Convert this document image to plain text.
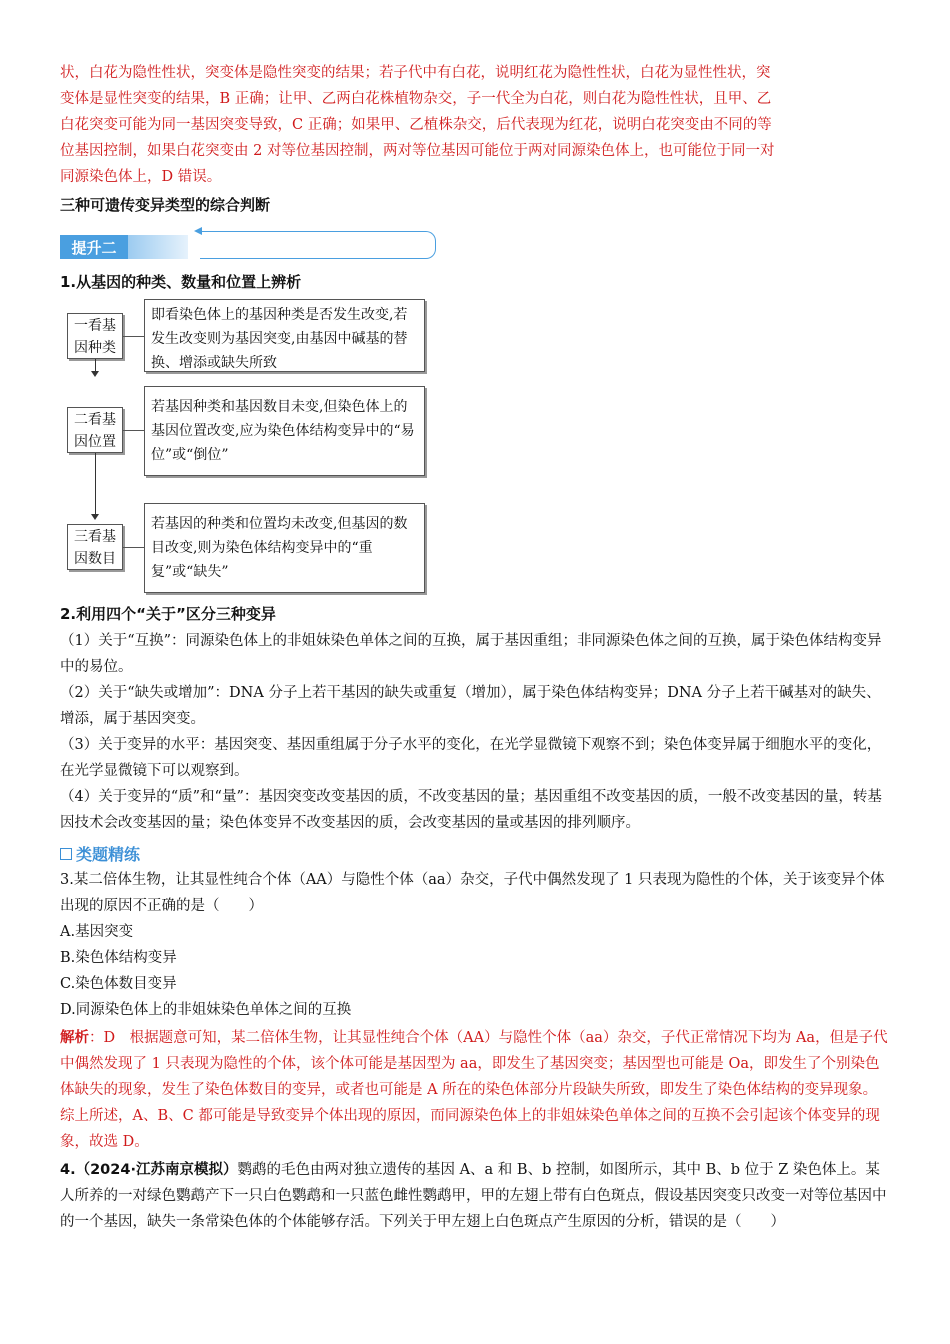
状，白花为隐性性状，突变体是隐性突变的结果；若子代中有白花，说明红花为隐性性状，白花为显性性状，突
变体是显性突变的结果，B 正确；让甲、乙两白花株植物杂交，子一代全为白花，则白花为隐性性状，且甲、乙
白花突变可能为同一基因突变导致，C 正确；如果甲、乙植株杂交，后代表现为红花，说明白花突变由不同的等
位基因控制，如果白花突变由 2 对等位基因控制，两对等位基因可能位于两对同源染色体上，也可能位于同一对
同源染色体上，D 错误。
三种可遗传变异类型的综合判断
提升二
1.从基因的种类、数量和位置上辨析
一看基
因种类
即看染色体上的基因种类是否发生改变,若发生改变则为基因突变,由基因中碱基的替换、增添或缺失所致
二看基
因位置
若基因种类和基因数目未变,但染色体上的基因位置改变,应为染色体结构变异中的“易位”或“倒位”
三看基
因数目
若基因的种类和位置均未改变,但基因的数目改变,则为染色体结构变异中的“重复”或“缺失”
2.利用四个“关于”区分三种变异
（1）关于“互换”：同源染色体上的非姐妹染色单体之间的互换，属于基因重组；非同源染色体之间的互换，属于染色体结构变异中的易位。
（2）关于“缺失或增加”：DNA 分子上若干基因的缺失或重复（增加），属于染色体结构变异；DNA 分子上若干碱基对的缺失、增添，属于基因突变。
（3）关于变异的水平：基因突变、基因重组属于分子水平的变化，在光学显微镜下观察不到；染色体变异属于细胞水平的变化，在光学显微镜下可以观察到。
（4）关于变异的“质”和“量”：基因突变改变基因的质，不改变基因的量；基因重组不改变基因的质，一般不改变基因的量，转基因技术会改变基因的量；染色体变异不改变基因的质，会改变基因的量或基因的排列顺序。
类题精练
3.某二倍体生物，让其显性纯合个体（AA）与隐性个体（aa）杂交，子代中偶然发现了 1 只表现为隐性的个体，关于该变异个体出现的原因不正确的是（　　）
A.基因突变
B.染色体结构变异
C.染色体数目变异
D.同源染色体上的非姐妹染色单体之间的互换
解析：D　根据题意可知，某二倍体生物，让其显性纯合个体（AA）与隐性个体（aa）杂交，子代正常情况下均为 Aa，但是子代中偶然发现了 1 只表现为隐性的个体，该个体可能是基因型为 aa，即发生了基因突变；基因型也可能是 Oa，即发生了个别染色体缺失的现象，发生了染色体数目的变异，或者也可能是 A 所在的染色体部分片段缺失所致，即发生了染色体结构的变异现象。综上所述，A、B、C 都可能是导致变异个体出现的原因，而同源染色体上的非姐妹染色单体之间的互换不会引起该个体变异的现象，故选 D。
4.（2024·江苏南京模拟）鹦鹉的毛色由两对独立遗传的基因 A、a 和 B、b 控制，如图所示，其中 B、b 位于 Z 染色体上。某人所养的一对绿色鹦鹉产下一只白色鹦鹉和一只蓝色雌性鹦鹉甲，甲的左翅上带有白色斑点，假设基因突变只改变一对等位基因中的一个基因，缺失一条常染色体的个体能够存活。下列关于甲左翅上白色斑点产生原因的分析，错误的是（　　）
